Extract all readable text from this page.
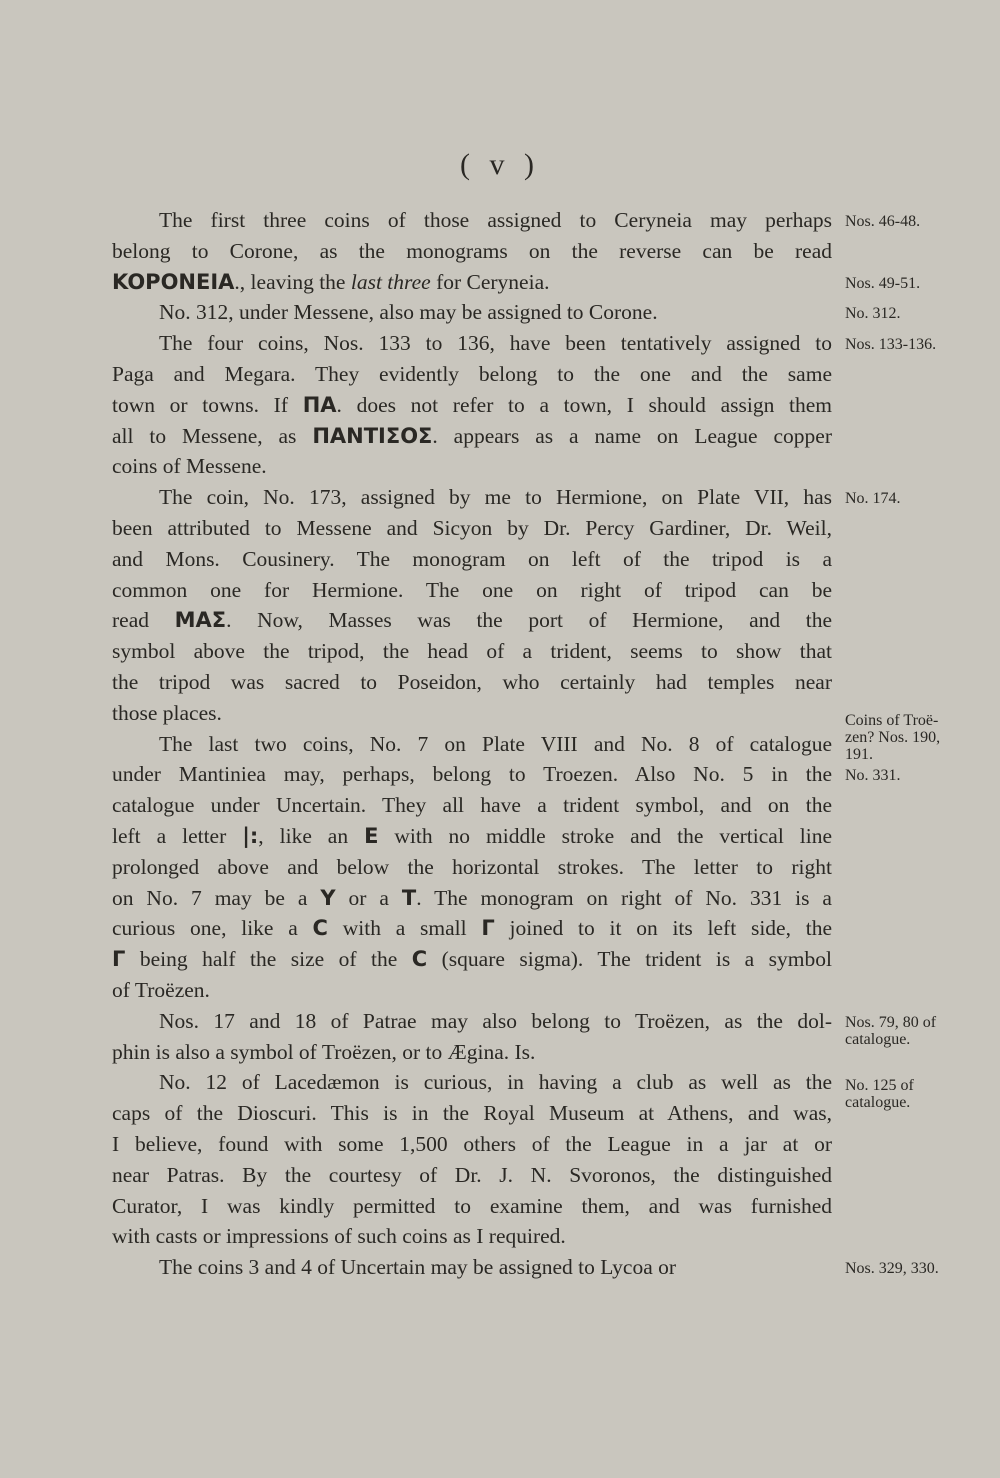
( v )
The first three coins of those assigned to Ceryneia may perhaps
belong to Corone, as the monograms on the reverse can be read
KOPONEIA., leaving the last three for Ceryneia.
No. 312, under Messene, also may be assigned to Corone.
The four coins, Nos. 133 to 136, have been tentatively assigned to
Paga and Megara. They evidently belong to the one and the same
town or towns. If ΠA. does not refer to a town, I should assign them
all to Messene, as ΠANTIΣOΣ. appears as a name on League copper
coins of Messene.
The coin, No. 173, assigned by me to Hermione, on Plate VII, has
been attributed to Messene and Sicyon by Dr. Percy Gardiner, Dr. Weil,
and Mons. Cousinery. The monogram on left of the tripod is a
common one for Hermione. The one on right of tripod can be
read MAΣ. Now, Masses was the port of Hermione, and the
symbol above the tripod, the head of a trident, seems to show that
the tripod was sacred to Poseidon, who certainly had temples near
those places.
The last two coins, No. 7 on Plate VIII and No. 8 of catalogue
under Mantiniea may, perhaps, belong to Troezen. Also No. 5 in the
catalogue under Uncertain. They all have a trident symbol, and on the
left a letter |:, like an E with no middle stroke and the vertical line
prolonged above and below the horizontal strokes. The letter to right
on No. 7 may be a Y or a T. The monogram on right of No. 331 is a
curious one, like a C with a small Γ joined to it on its left side, the
Γ being half the size of the C (square sigma). The trident is a symbol
of Troëzen.
Nos. 17 and 18 of Patrae may also belong to Troëzen, as the dol-
phin is also a symbol of Troëzen, or to Ægina. Is.
No. 12 of Lacedæmon is curious, in having a club as well as the
caps of the Dioscuri. This is in the Royal Museum at Athens, and was,
I believe, found with some 1,500 others of the League in a jar at or
near Patras. By the courtesy of Dr. J. N. Svoronos, the distinguished
Curator, I was kindly permitted to examine them, and was furnished
with casts or impressions of such coins as I required.
The coins 3 and 4 of Uncertain may be assigned to Lycoa or
Nos. 46-48.
Nos. 49-51.
No. 312.
Nos. 133-136.
No. 174.
Coins of Troë-
zen? Nos. 190,
191.
No. 331.
Nos. 79, 80 of
catalogue.
No. 125 of
catalogue.
Nos. 329, 330.
